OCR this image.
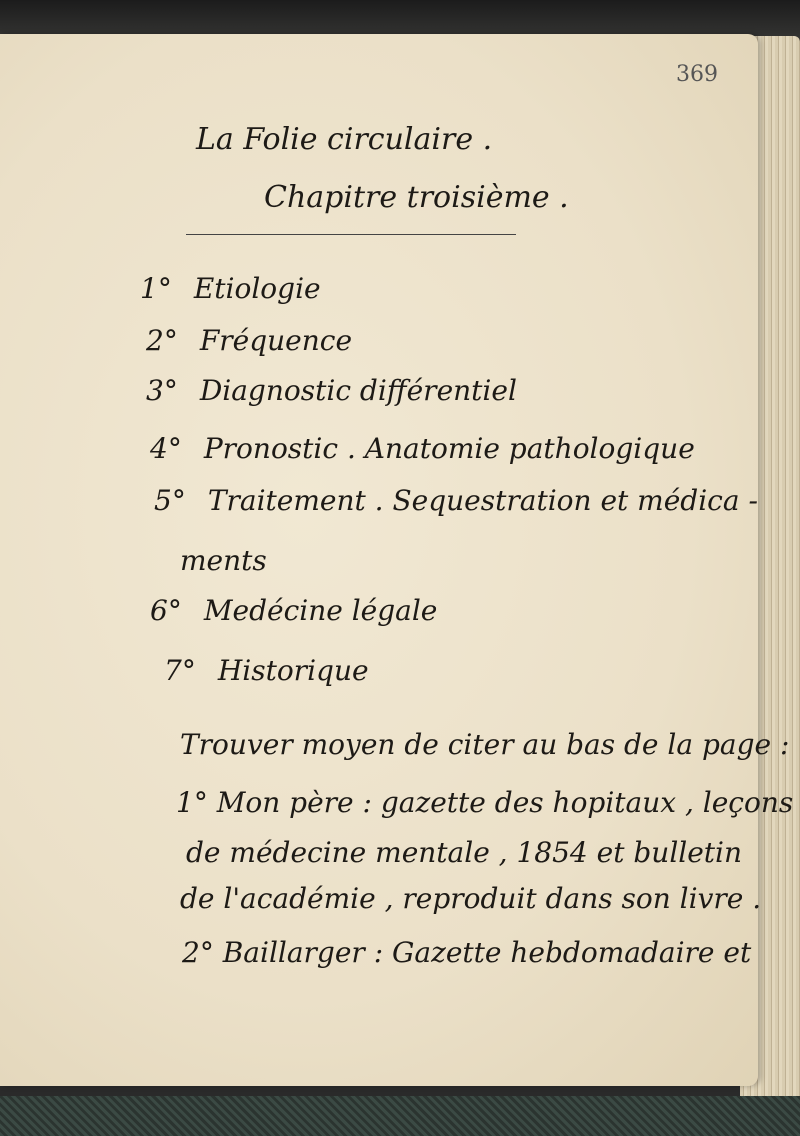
369
La Folie circulaire .
Chapitre troisième .
1° Etiologie
2° Fréquence
3° Diagnostic différentiel
4° Pronostic . Anatomie pathologique
5° Traitement . Sequestration et médica -
ments
6° Medécine légale
7° Historique
Trouver moyen de citer au bas de la page :
1° Mon père : gazette des hopitaux , leçons
de médecine mentale , 1854 et bulletin
de l'académie , reproduit dans son livre .
2° Baillarger : Gazette hebdomadaire et
